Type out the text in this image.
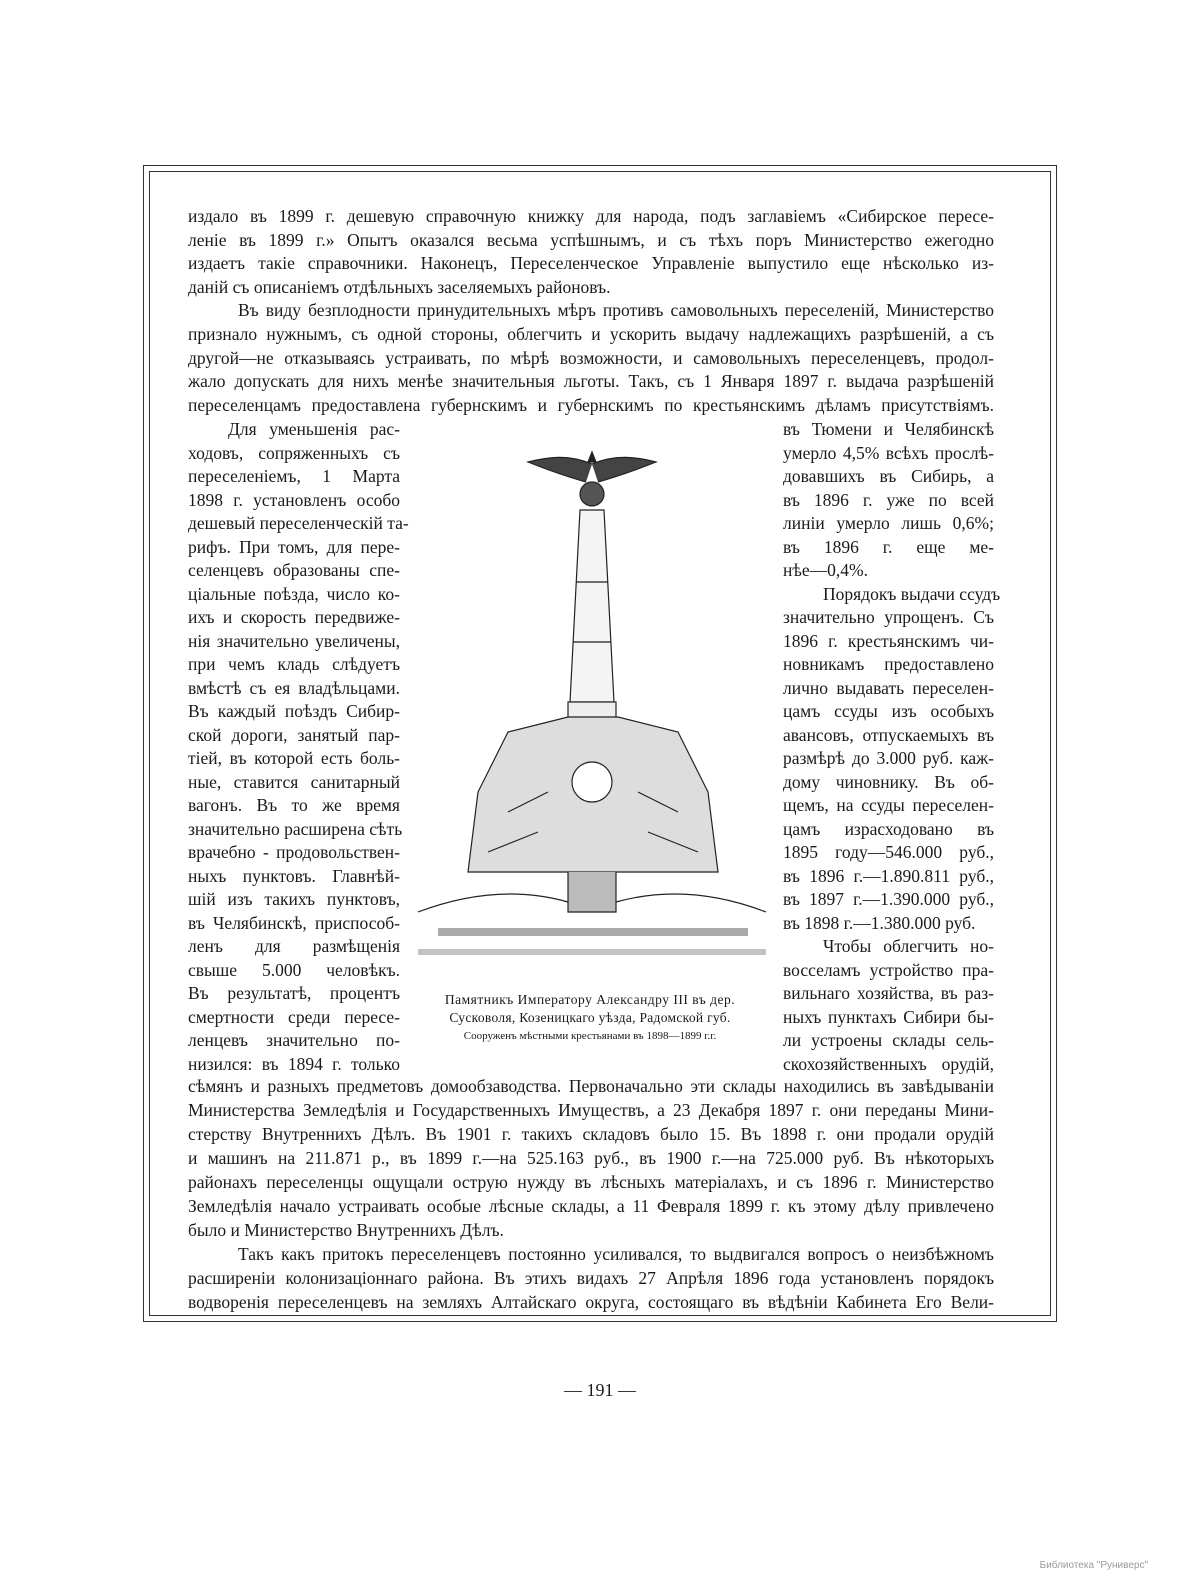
издало въ 1899 г. дешевую справочную книжку для народа, подъ заглавіемъ «Сибирское пересе-
леніе въ 1899 г.» Опытъ оказался весьма успѣшнымъ, и съ тѣхъ поръ Министерство ежегодно
издаетъ такіе справочники. Наконецъ, Переселенческое Управленіе выпустило еще нѣсколько из-
даній съ описаніемъ отдѣльныхъ заселяемыхъ районовъ.
Въ виду безплодности принудительныхъ мѣръ противъ самовольныхъ переселеній, Министерство
признало нужнымъ, съ одной стороны, облегчить и ускорить выдачу надлежащихъ разрѣшеній, а съ
другой—не отказываясь устраивать, по мѣрѣ возможности, и самовольныхъ переселенцевъ, продол-
жало допускать для нихъ менѣе значительныя льготы. Такъ, съ 1 Января 1897 г. выдача разрѣшеній
переселенцамъ предоставлена губернскимъ и губернскимъ по крестьянскимъ дѣламъ присутствіямъ.
Для уменьшенія рас-
ходовъ, сопряженныхъ съ
переселеніемъ, 1 Марта
1898 г. установленъ особо
дешевый переселенческій та-
рифъ. При томъ, для пере-
селенцевъ образованы спе-
ціальные поѣзда, число ко-
ихъ и скорость передвиже-
нія значительно увеличены,
при чемъ кладь слѣдуетъ
вмѣстѣ съ ея владѣльцами.
Въ каждый поѣздъ Сибир-
ской дороги, занятый пар-
тіей, въ которой есть боль-
ные, ставится санитарный
вагонъ. Въ то же время
значительно расширена сѣть
врачебно - продовольствен-
ныхъ пунктовъ. Главнѣй-
шій изъ такихъ пунктовъ,
въ Челябинскѣ, приспособ-
ленъ для размѣщенія
свыше 5.000 человѣкъ.
Въ результатѣ, процентъ
смертности среди пересе-
ленцевъ значительно по-
низился: въ 1894 г. только
въ Тюмени и Челябинскѣ
умерло 4,5% всѣхъ прослѣ-
довавшихъ въ Сибирь, а
въ 1896 г. уже по всей
линіи умерло лишь 0,6%;
въ 1896 г. еще ме-
нѣе—0,4%.
Порядокъ выдачи ссудъ
значительно упрощенъ. Съ
1896 г. крестьянскимъ чи-
новникамъ предоставлено
лично выдавать переселен-
цамъ ссуды изъ особыхъ
авансовъ, отпускаемыхъ въ
размѣрѣ до 3.000 руб. каж-
дому чиновнику. Въ об-
щемъ, на ссуды переселен-
цамъ израсходовано въ
1895 году—546.000 руб.,
въ 1896 г.—1.890.811 руб.,
въ 1897 г.—1.390.000 руб.,
въ 1898 г.—1.380.000 руб.
Чтобы облегчить но-
восселамъ устройство пра-
вильнаго хозяйства, въ раз-
ныхъ пунктахъ Сибири бы-
ли устроены склады сель-
скохозяйственныхъ орудій,
сѣмянъ и разныхъ предметовъ домообзаводства. Первоначально эти склады находились въ завѣдываніи
Министерства Земледѣлія и Государственныхъ Имуществъ, а 23 Декабря 1897 г. они переданы Мини-
стерству Внутреннихъ Дѣлъ. Въ 1901 г. такихъ складовъ было 15. Въ 1898 г. они продали орудій
и машинъ на 211.871 р., въ 1899 г.—на 525.163 руб., въ 1900 г.—на 725.000 руб. Въ нѣкоторыхъ
районахъ переселенцы ощущали острую нужду въ лѣсныхъ матеріалахъ, и съ 1896 г. Министерство
Земледѣлія начало устраивать особые лѣсные склады, а 11 Февраля 1899 г. къ этому дѣлу привлечено
было и Министерство Внутреннихъ Дѣлъ.
Такъ какъ притокъ переселенцевъ постоянно усиливался, то выдвигался вопросъ о неизбѣжномъ
расширеніи колонизаціоннаго района. Въ этихъ видахъ 27 Апрѣля 1896 года установленъ порядокъ
водворенія переселенцевъ на земляхъ Алтайскаго округа, состоящаго въ вѣдѣніи Кабинета Его Вели-
Памятникъ Императору Александру III въ дер.
Сусковоля, Козеницкаго уѣзда, Радомской губ.
Сооруженъ мѣстными крестьянами въ 1898—1899 г.г.
— 191 —
Библиотека "Руниверс"
